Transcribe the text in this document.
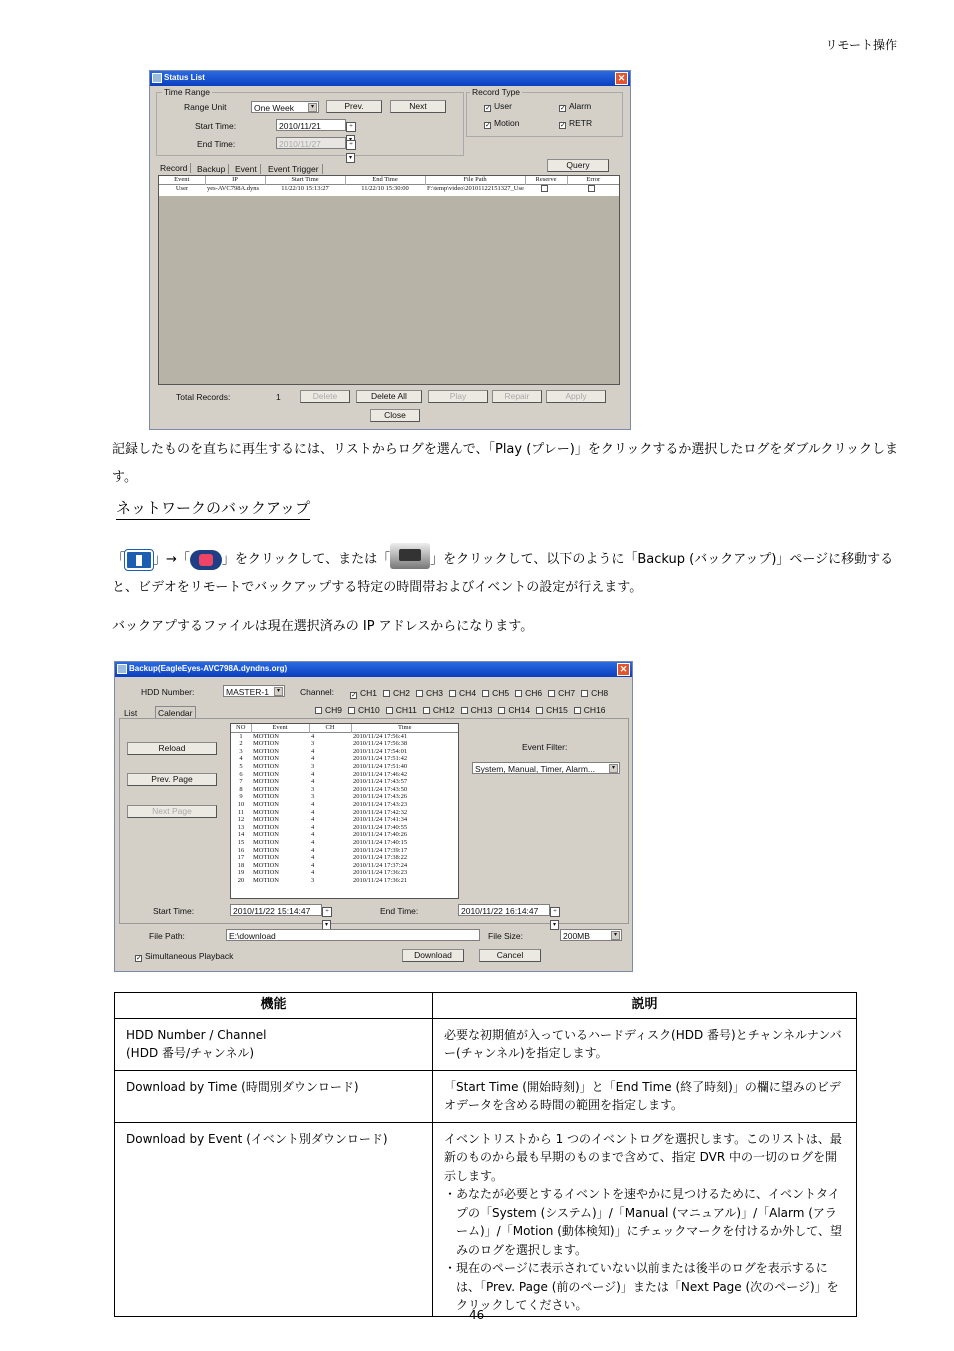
リモート操作
Status List	✕
Time Range
Range Unit	One Week	▾	Prev.	Next
Start Time:	2010/11/21	÷
End Time:	2010/11/27	÷▾
Record Type
✓ User	✓ Alarm
✓ Motion	✓ RETR
Record	Backup	Event	Event Trigger	Query
Event	IP	Start Time	End Time	File Path	Reserve	Error
User	yes-AVC798A.dyns	11/22/10 15:13:27	11/22/10 15:30:00	F:\temp\video\20101122151327_Use		
Total Records:	1	Delete	Delete All	Play	Repair	Apply
Close
記録したものを直ちに再生するには、リストからログを選んで、「Play (プレー)」をクリックするか選択したログをダブルクリックします。
ネットワークのバックアップ
「 」→「 」をクリックして、または「	」をクリックして、以下のように「Backup (バックアップ)」ページに移動すると、ビデオをリモートでバックアップする特定の時間帯およびイベントの設定が行えます。
バックアプするファイルは現在選択済みの IP アドレスからになります。
Backup(EagleEyes-AVC798A.dyndns.org)	✕
HDD Number:	MASTER-1	▾	Channel: ✓ CH1 CH2 CH3 CH4 CH5 CH6 CH7 CH8
CH9 CH10 CH11 CH12 CH13 CH14 CH15 CH16
List	Calendar
Reload
Prev. Page
Next Page
NO	Event	CH	Time
1	MOTION	4	2010/11/24 17:56:41
2	MOTION	3	2010/11/24 17:56:38
3	MOTION	4	2010/11/24 17:54:01
4	MOTION	4	2010/11/24 17:51:42
5	MOTION	3	2010/11/24 17:51:40
6	MOTION	4	2010/11/24 17:46:42
7	MOTION	4	2010/11/24 17:43:57
8	MOTION	3	2010/11/24 17:43:50
9	MOTION	3	2010/11/24 17:43:26
10	MOTION	4	2010/11/24 17:43:23
11	MOTION	4	2010/11/24 17:42:32
12	MOTION	4	2010/11/24 17:41:34
13	MOTION	4	2010/11/24 17:40:55
14	MOTION	4	2010/11/24 17:40:26
15	MOTION	4	2010/11/24 17:40:15
16	MOTION	4	2010/11/24 17:39:17
17	MOTION	4	2010/11/24 17:38:22
18	MOTION	4	2010/11/24 17:37:24
19	MOTION	4	2010/11/24 17:36:23
20	MOTION	3	2010/11/24 17:36:21
Event Filter:
System, Manual, Timer, Alarm...	▾
Start Time:	2010/11/22 15:14:47	÷▾
End Time:	2010/11/22 16:14:47	÷▾
File Path:	E:\download	File Size:	200MB	▾
✓ Simultaneous Playback	Download	Cancel
機能	説明

HDD Number / Channel
(HDD 番号/チャンネル)	必要な初期値が入っているハードディスク(HDD 番号)とチャンネルナンバー(チャンネル)を指定します。
Download by Time (時間別ダウンロード)	「Start Time (開始時刻)」と「End Time (終了時刻)」の欄に望みのビデオデータを含める時間の範囲を指定します。
Download by Event (イベント別ダウンロード)	イベントリストから 1 つのイベントログを選択します。このリストは、最新のものから最も早期のものまで含めて、指定 DVR 中の一切のログを開示します。
・ あなたが必要とするイベントを速やかに見つけるために、イベントタイプの「System (システム)」/「Manual (マニュアル)」/「Alarm (アラーム)」/「Motion (動体検知)」にチェックマークを付けるか外して、望みのログを選択します。
・ 現在のページに表示されていない以前または後半のログを表示するには、「Prev. Page (前のページ)」または「Next Page (次のページ)」をクリックしてください。
46
